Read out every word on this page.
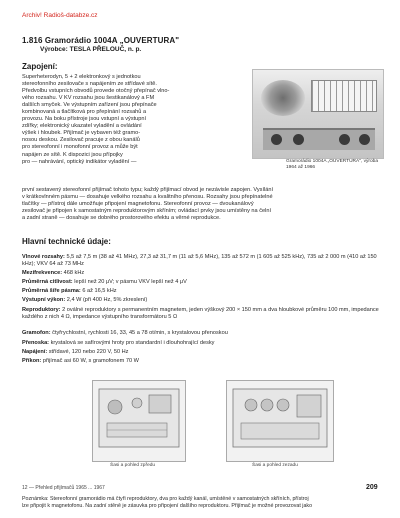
Archiv! Radioš-databze.cz
1.816 Gramorádio 1004A „OUVERTURA"
Výrobce: TESLA PŘELOUČ, n. p.
Zapojení:
Superheterodyn, 5 + 2 elektronkový s jednotkou
stereofonního zesilovače s napájením ze střídavé sítě.
Předvolbu vstupních obvodů provede otočný přepínač vlno-
vého rozsahu. V KV rozsahu jsou šestikanálový a FM
dalších smyček. Ve výstupním zařízení jsou přepínače
kombinovaná a tlačítková pro přepínání rozsahů a
provozu. Na boku přístroje jsou vstupní a výstupní
zdířky; elektronický ukazatel vyladění a ovládání
výšek i hloubek. Přijímač je vybaven též gramo-
nosou deskou. Zesilovač pracuje z obou kanálů
pro stereofonní i monofonní provoz a může být
napájen ze sítě. K dispozici jsou přípojky
pro — nahrávání, optický indikátor vyladění —	Gramorádio 1004A „OUVERTURA", výroba 1964 až 1966
první sestavený stereofonní přijímač tohoto typu; každý přijímací obvod je nezávisle zapojen. Vysílání
v krátkovlnném pásmu — dosahuje velkého rozsahu a kvalitního přenosu. Rozsahy jsou přepínatelné
tlačítky — přístroj dále umožňuje připojení magnetofonu. Stereofonní provoz — dvoukanálový
zesilovač je připojen k samostatným reproduktorovým skříním; ovládací prvky jsou umístěny na čelní
a zadní straně — dosahuje se dobrého prostorového efektu a věrné reprodukce.
Hlavní technické údaje:
Vlnové rozsahy: 5,5 až 7,5 m (38 až 41 MHz), 27,3 až 31,7 m (11 až 5,6 MHz), 135 až 572 m (1 605 až 525 kHz), 735 až 2 000 m (410 až 150 kHz); VKV 64 až 73 MHz
Mezifrekvence: 468 kHz
Průměrná citlivost: lepší než 20 μV; v pásmu VKV lepší než 4 μV
Průměrná šíře pásma: 6 až 16,5 kHz
Výstupní výkon: 2,4 W (při 400 Hz, 5% zkreslení)
Reproduktory: 2 oválné reproduktory s permanentním magnetem, jeden výškový 200 × 150 mm a dva hloubkové průměru 100 mm, impedance každého z nich 4 Ω, impedance výstupního transformátoru 5 Ω
Gramofon: čtyřrychlostní, rychlosti 16, 33, 45 a 78 ot/min, s krystalovou přenoskou
Přenoska: krystalová se safírovými hroty pro standardní i dlouhohrající desky
Napájení: střídavé, 120 nebo 220 V, 50 Hz
Příkon: přijímač asi 60 W, s gramofonem 70 W
Šasi a pohled zpředu	Šasi a pohled zezadu
12 — Přehled přijímačů 1965 ... 1967	209
Poznámka: Stereofonní gramorádio má čtyři reproduktory, dva pro každý kanál, umístěné v samostatných skříních, přístroj
lze připojit k magnetofonu. Na zadní stěně je zásuvka pro připojení dalšího reproduktoru. Přijímač je možné provozovat jako
